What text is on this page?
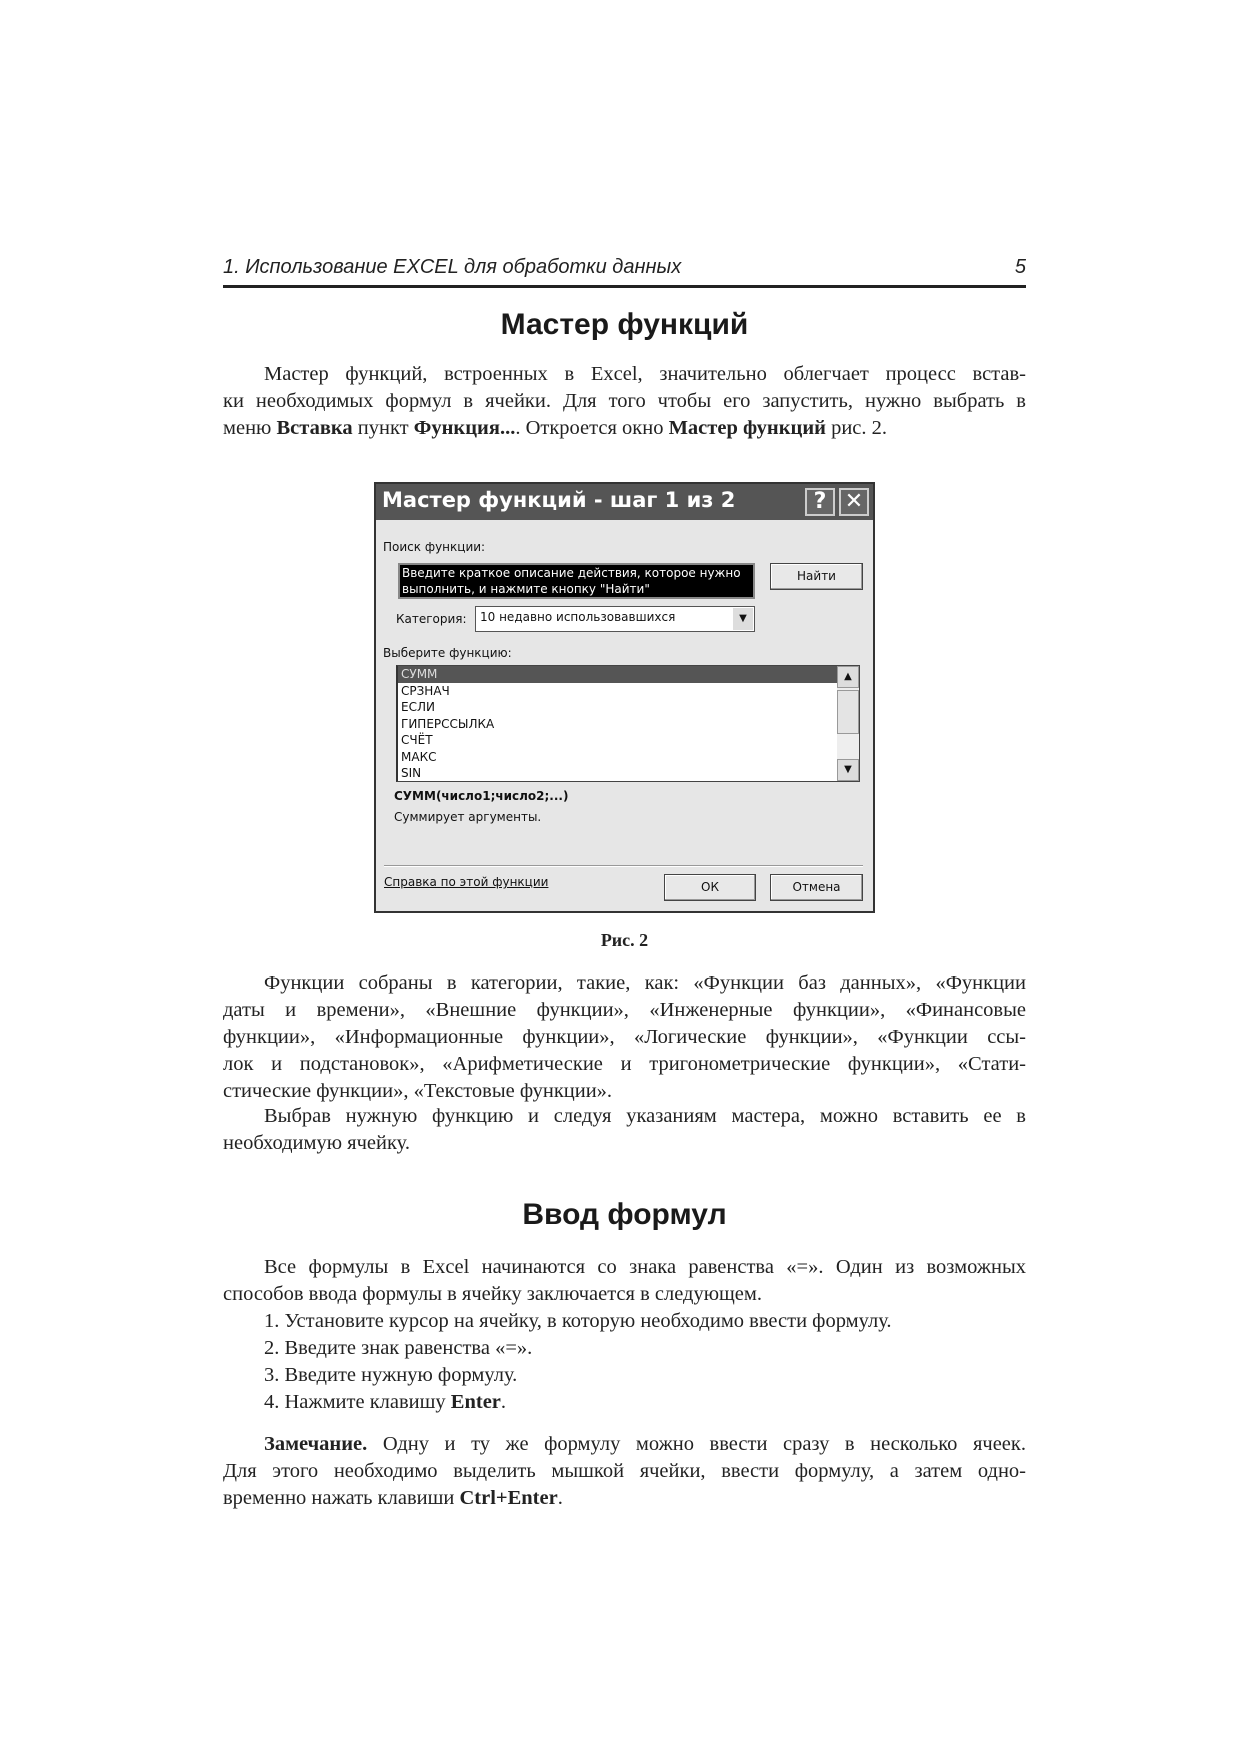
1. Использование EXCEL для обработки данных	5
Мастер функций
Мастер функций, встроенных в Excel, значительно облегчает процесс встав-
ки необходимых формул в ячейки. Для того чтобы его запустить, нужно выбрать в
меню Вставка пункт Функция.... Откроется окно Мастер функций рис. 2.
Мастер функций - шаг 1 из 2	? ✕
Поиск функции:
Введите краткое описание действия, которое нужно выполнить, и нажмите кнопку "Найти"
Найти
Категория:	10 недавно использовавшихся	▼
Выберите функцию:
СУММ
СРЗНАЧ
ЕСЛИ
ГИПЕРССЫЛКА
СЧЁТ
МАКС
SIN
▲
▼
СУММ(число1;число2;...)
Суммирует аргументы.
Справка по этой функции	ОК	Отмена
Рис. 2
Функции собраны в категории, такие, как: «Функции баз данных», «Функции
даты и времени», «Внешние функции», «Инженерные функции», «Финансовые
функции», «Информационные функции», «Логические функции», «Функции ссы-
лок и подстановок», «Арифметические и тригонометрические функции», «Стати-
стические функции», «Текстовые функции».
Выбрав нужную функцию и следуя указаниям мастера, можно вставить ее в
необходимую ячейку.
Ввод формул
Все формулы в Excel начинаются со знака равенства «=». Один из возможных
способов ввода формулы в ячейку заключается в следующем.
1. Установите курсор на ячейку, в которую необходимо ввести формулу.
2. Введите знак равенства «=».
3. Введите нужную формулу.
4. Нажмите клавишу Enter.
Замечание. Одну и ту же формулу можно ввести сразу в несколько ячеек.
Для этого необходимо выделить мышкой ячейки, ввести формулу, а затем одно-
временно нажать клавиши Ctrl+Enter.
